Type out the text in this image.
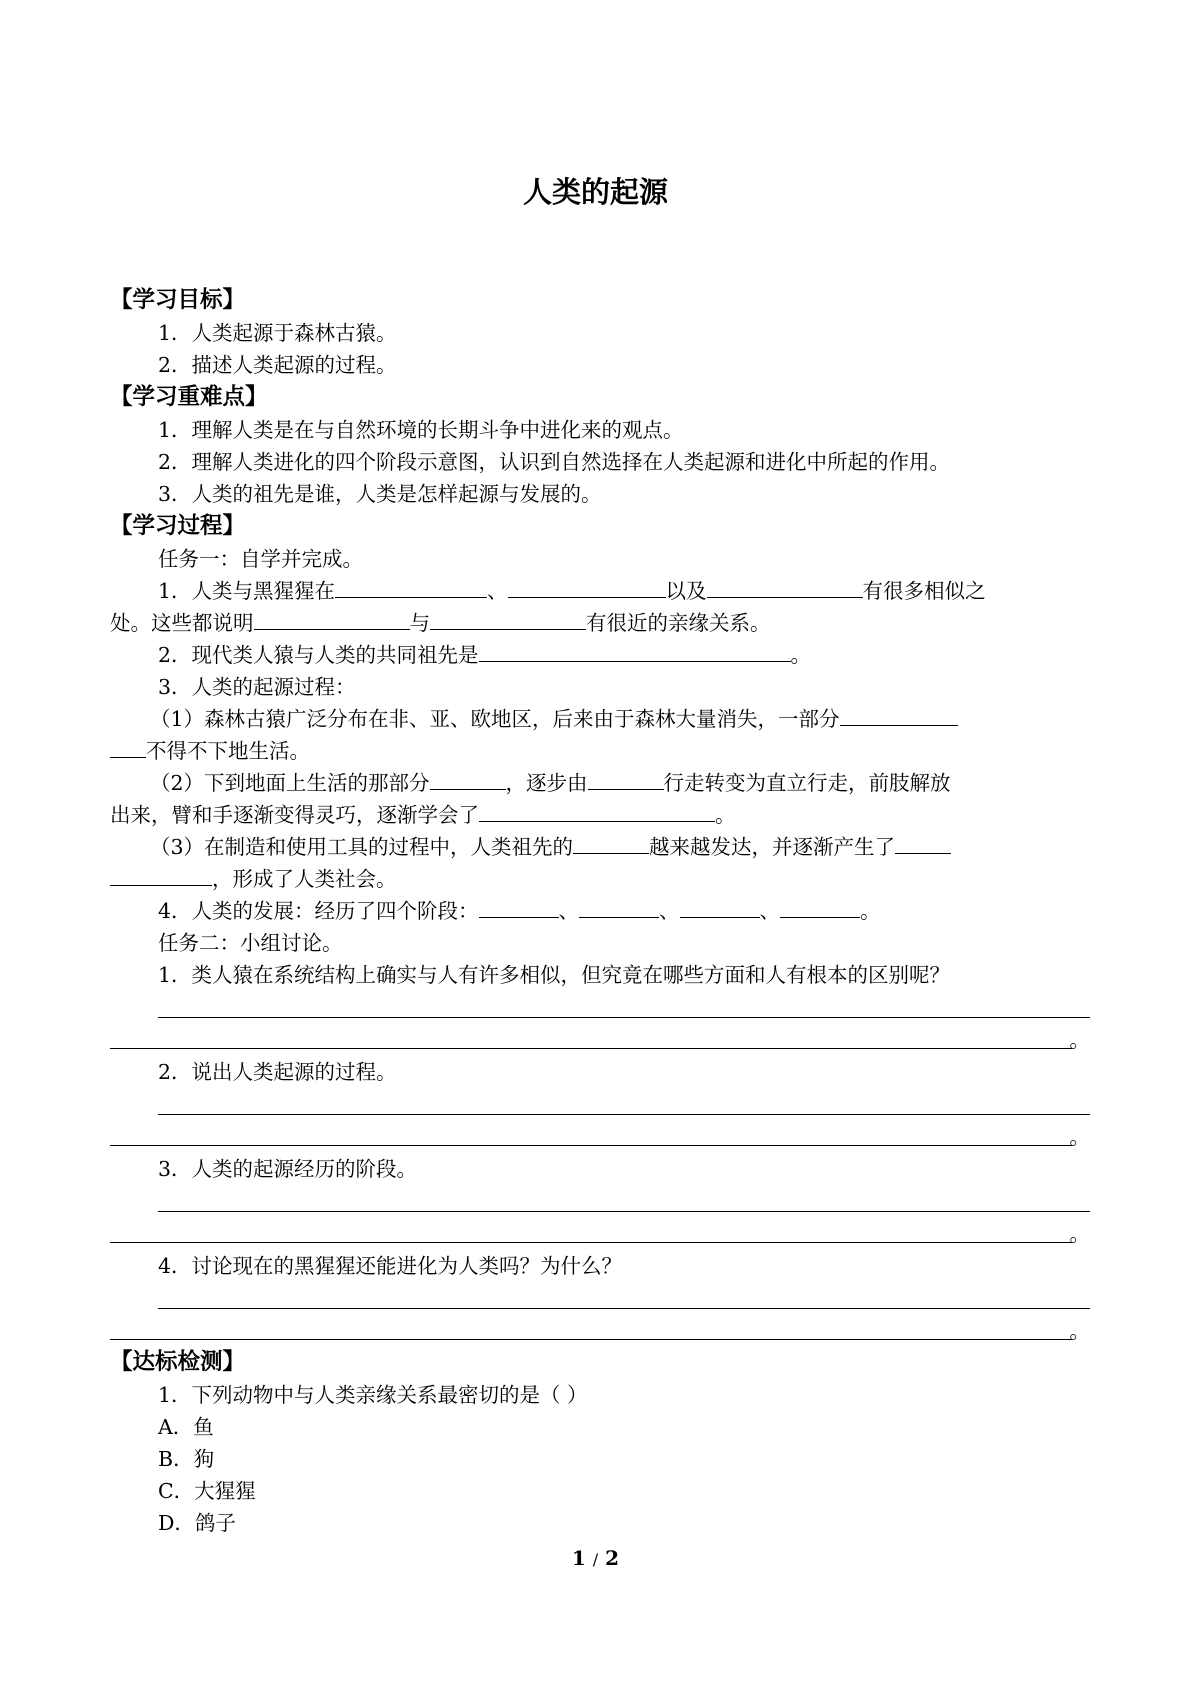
人类的起源
【学习目标】
1．人类起源于森林古猿。
2．描述人类起源的过程。
【学习重难点】
1．理解人类是在与自然环境的长期斗争中进化来的观点。
2．理解人类进化的四个阶段示意图，认识到自然选择在人类起源和进化中所起的作用。
3．人类的祖先是谁，人类是怎样起源与发展的。
【学习过程】
任务一：自学并完成。
1．人类与黑猩猩在	、	以及	有很多相似之
处。这些都说明	与	有很近的亲缘关系。
2．现代类人猿与人类的共同祖先是	。
3．人类的起源过程：
（1）森林古猿广泛分布在非、亚、欧地区，后来由于森林大量消失，一部分
不得不下地生活。
（2）下到地面上生活的那部分	，逐步由	行走转变为直立行走，前肢解放
出来，臂和手逐渐变得灵巧，逐渐学会了	。
（3）在制造和使用工具的过程中，人类祖先的	越来越发达，并逐渐产生了
，形成了人类社会。
4．人类的发展：经历了四个阶段：	、	、	、	。
任务二：小组讨论。
1．类人猿在系统结构上确实与人有许多相似，但究竟在哪些方面和人有根本的区别呢？
。
2．说出人类起源的过程。
。
3．人类的起源经历的阶段。
。
4．讨论现在的黑猩猩还能进化为人类吗？为什么？
。
【达标检测】
1．下列动物中与人类亲缘关系最密切的是（ ）
A．鱼
B．狗
C．大猩猩
D．鸽子
1 / 2
